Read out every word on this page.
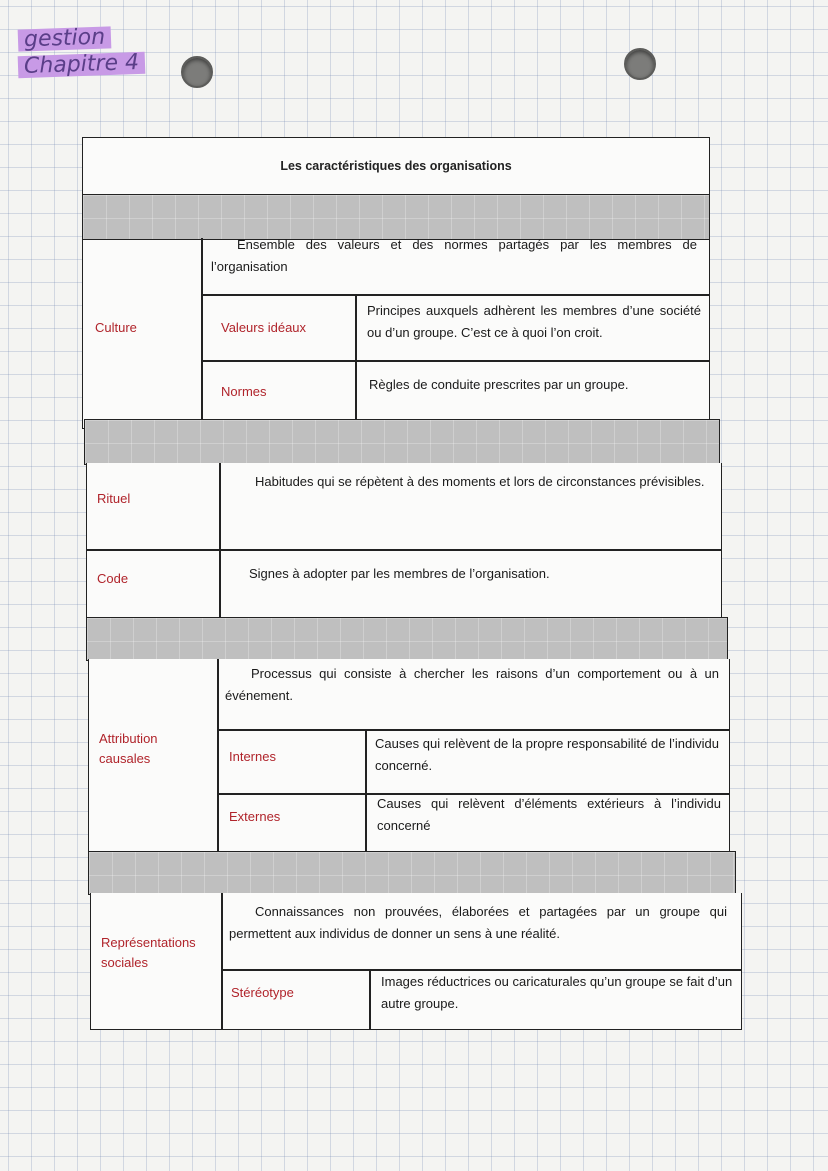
gestion
Chapitre 4
Les caractéristiques des organisations
Culture
Ensemble des valeurs et des normes partagés par les membres de l’organisation
Valeurs idéaux
Principes auxquels adhèrent les membres d’une société ou d’un groupe. C’est ce à quoi l’on croit.
Normes	Règles de conduite prescrites par un groupe.
Rituel
Habitudes qui se répètent à des moments et lors de circonstances prévisibles.
Code	Signes à adopter par les membres de l’organisation.
Attribution causales
Processus qui consiste à chercher les raisons d’un comportement ou à un événement.
Internes
Causes qui relèvent de la propre responsabilité de l’individu concerné.
Externes
Causes qui relèvent d’éléments extérieurs à l’individu concerné
Représentations sociales
Connaissances non prouvées, élaborées et partagées par un groupe qui permettent aux individus de donner un sens à une réalité.
Stéréotype
Images réductrices ou caricaturales qu’un groupe se fait d’un autre groupe.
